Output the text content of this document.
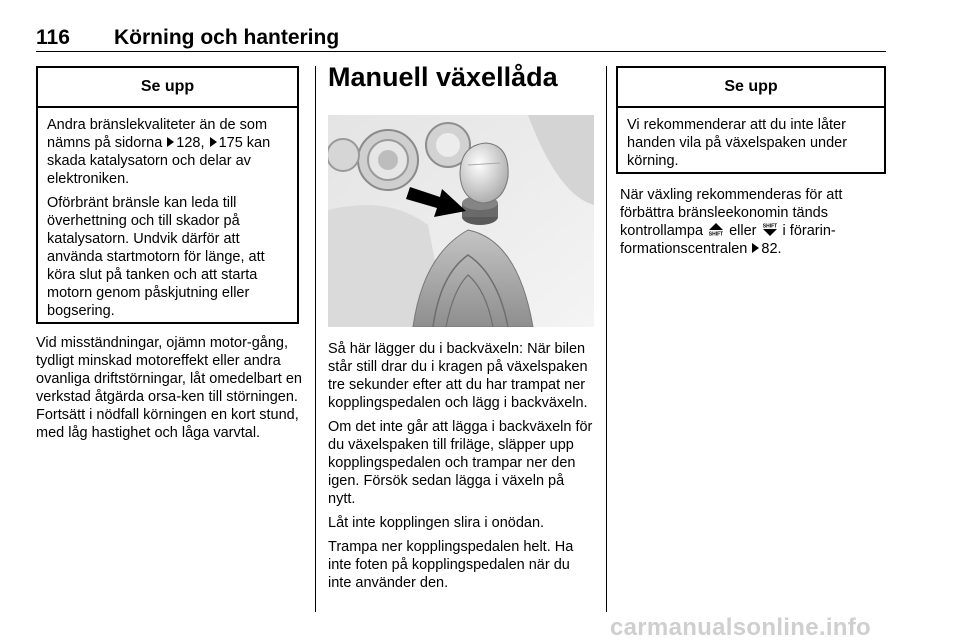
116 Körning och hantering
Se upp

Andra bränslekvaliteter än de som nämns på sidorna 128, 175 kan skada katalysatorn och delar av elektroniken.

Oförbränt bränsle kan leda till överhettning och till skador på katalysatorn. Undvik därför att använda startmotorn för länge, att köra slut på tanken och att starta motorn genom påskjutning eller bogsering.

Vid misständningar, ojämn motor-gång, tydligt minskad motoreffekt eller andra ovanliga driftstörningar, låt omedelbart en verkstad åtgärda orsa-ken till störningen. Fortsätt i nödfall körningen en kort stund, med låg hastighet och låga varvtal.

Manuell växellåda

Så här lägger du i backväxeln: När bilen står still drar du i kragen på växelspaken tre sekunder efter att du har trampat ner kopplingspedalen och lägg i backväxeln.

Om det inte går att lägga i backväxeln för du växelspaken till friläge, släpper upp kopplingspedalen och trampar ner den igen. Försök sedan lägga i växeln på nytt.

Låt inte kopplingen slira i onödan.

Trampa ner kopplingspedalen helt. Ha inte foten på kopplingspedalen när du inte använder den.

Se upp

Vi rekommenderar att du inte låter handen vila på växelspaken under körning.

När växling rekommenderas för att förbättra bränsleekonomin tänds kontrollampa SHIFT eller SHIFT i förarin-formationscentralen 82.

carmanualsonline.info
